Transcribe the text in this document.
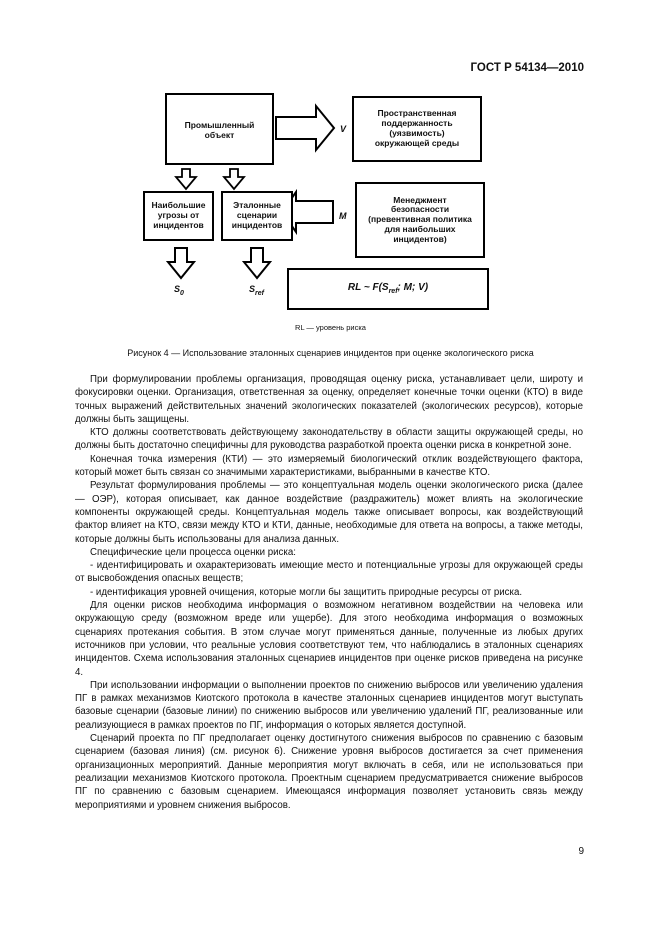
ГОСТ Р 54134—2010
Промышленный объект
Пространственная поддержанность (уязвимость) окружающей среды
Наибольшие угрозы от инцидентов
Эталонные сценарии инцидентов
Менеджмент безопасности (превентивная политика для наибольших инцидентов)
RL ~ $F(S_{ref}$; M; V)
V
M
$S_0$	$S_{ref}$
RL — уровень риска
Рисунок 4 — Использование эталонных сценариев инцидентов при оценке экологического риска

При формулировании проблемы организация, проводящая оценку риска, устанавливает цели, широту и фокусировки оценки. Организация, ответственная за оценку, определяет конечные точки оценки (КТО) в виде точных выражений действительных значений экологических показателей (экологических ресурсов), которые должны быть защищены.

КТО должны соответствовать действующему законодательству в области защиты окружающей среды, но должны быть достаточно специфичны для руководства разработкой проекта оценки риска в конкретной зоне.

Конечная точка измерения (КТИ) — это измеряемый биологический отклик воздействующего фактора, который может быть связан со значимыми характеристиками, выбранными в качестве КТО.

Результат формулирования проблемы — это концептуальная модель оценки экологического риска (далее — ОЭР), которая описывает, как данное воздействие (раздражитель) может влиять на экологические компоненты окружающей среды. Концептуальная модель также описывает вопросы, как воздействующий фактор влияет на КТО, связи между КТО и КТИ, данные, необходимые для ответа на вопросы, а также методы, которые должны быть использованы для анализа данных.

Специфические цели процесса оценки риска:

- идентифицировать и охарактеризовать имеющие место и потенциальные угрозы для окружающей среды от высвобождения опасных веществ;

- идентификация уровней очищения, которые могли бы защитить природные ресурсы от риска.

Для оценки рисков необходима информация о возможном негативном воздействии на человека или окружающую среду (возможном вреде или ущербе). Для этого необходима информация о возможных сценариях протекания события. В этом случае могут применяться данные, полученные из любых других источников при условии, что реальные условия соответствуют тем, что наблюдались в эталонных сценариях инцидентов. Схема использования эталонных сценариев инцидентов при оценке рисков приведена на рисунке 4.

При использовании информации о выполнении проектов по снижению выбросов или увеличению удаления ПГ в рамках механизмов Киотского протокола в качестве эталонных сценариев инцидентов могут выступать базовые сценарии (базовые линии) по снижению выбросов или увеличению удалений ПГ, реализованные или реализующиеся в рамках проектов по ПГ, информация о которых является доступной.

Сценарий проекта по ПГ предполагает оценку достигнутого снижения выбросов по сравнению с базовым сценарием (базовая линия) (см. рисунок 6). Снижение уровня выбросов достигается за счет применения организационных мероприятий. Данные мероприятия могут включать в себя, или не использоваться при реализации механизмов Киотского протокола. Проектным сценарием предусматривается снижение выбросов ПГ по сравнению с базовым сценарием. Имеющаяся информация позволяет установить связь между мероприятиями и уровнем снижения выбросов.

9
